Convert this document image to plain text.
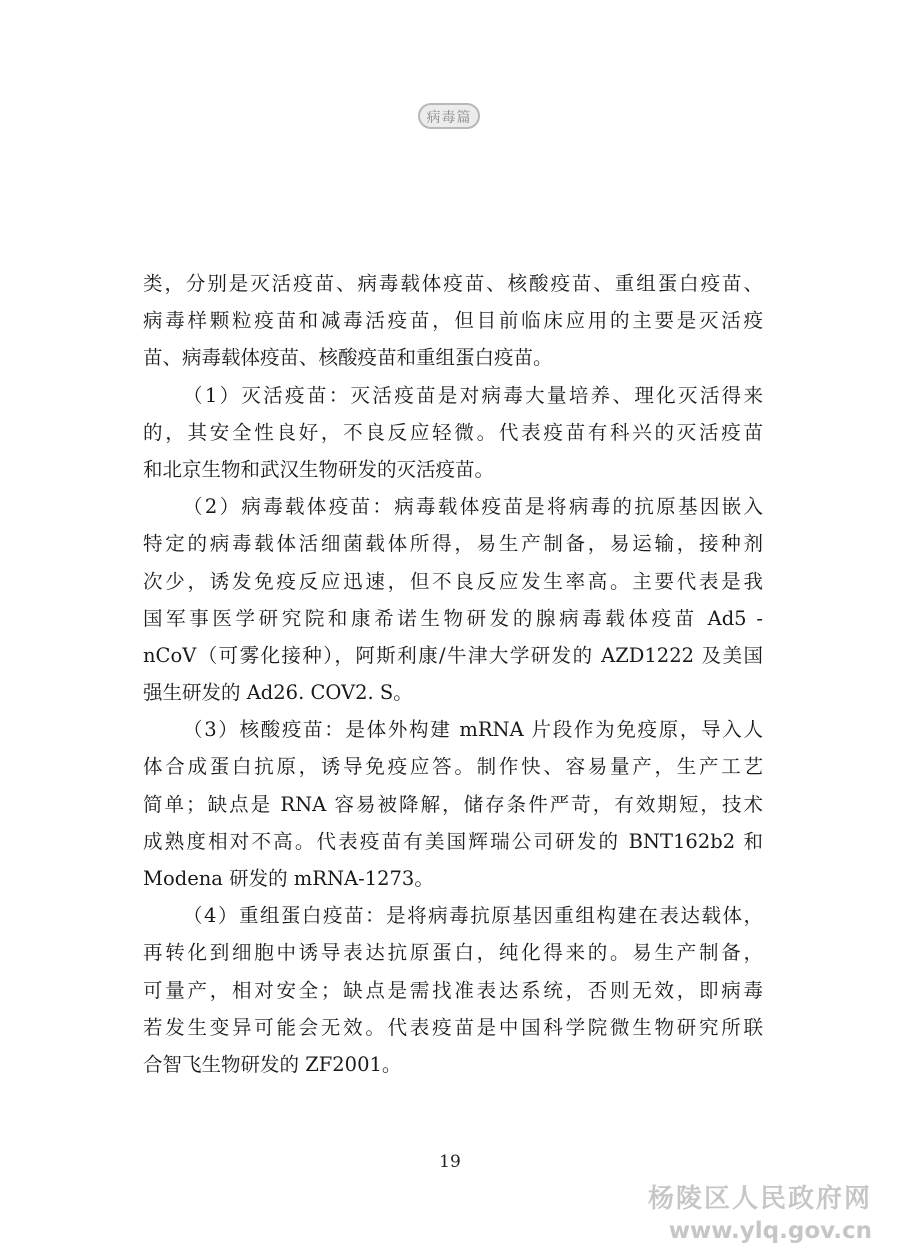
病毒篇
类，分别是灭活疫苗、病毒载体疫苗、核酸疫苗、重组蛋白疫苗、
病毒样颗粒疫苗和减毒活疫苗，但目前临床应用的主要是灭活疫
苗、病毒载体疫苗、核酸疫苗和重组蛋白疫苗。
（1）灭活疫苗：灭活疫苗是对病毒大量培养、理化灭活得来
的，其安全性良好，不良反应轻微。代表疫苗有科兴的灭活疫苗
和北京生物和武汉生物研发的灭活疫苗。
（2）病毒载体疫苗：病毒载体疫苗是将病毒的抗原基因嵌入
特定的病毒载体活细菌载体所得，易生产制备，易运输，接种剂
次少，诱发免疫反应迅速，但不良反应发生率高。主要代表是我
国军事医学研究院和康希诺生物研发的腺病毒载体疫苗 Ad5 -
nCoV（可雾化接种），阿斯利康/牛津大学研发的 AZD1222 及美国
强生研发的 Ad26. COV2. S。
（3）核酸疫苗：是体外构建 mRNA 片段作为免疫原，导入人
体合成蛋白抗原，诱导免疫应答。制作快、容易量产，生产工艺
简单；缺点是 RNA 容易被降解，储存条件严苛，有效期短，技术
成熟度相对不高。代表疫苗有美国辉瑞公司研发的 BNT162b2 和
Modena 研发的 mRNA-1273。
（4）重组蛋白疫苗：是将病毒抗原基因重组构建在表达载体，
再转化到细胞中诱导表达抗原蛋白，纯化得来的。易生产制备，
可量产，相对安全；缺点是需找准表达系统，否则无效，即病毒
若发生变异可能会无效。代表疫苗是中国科学院微生物研究所联
合智飞生物研发的 ZF2001。
19
杨陵区人民政府网
www.ylq.gov.cn
